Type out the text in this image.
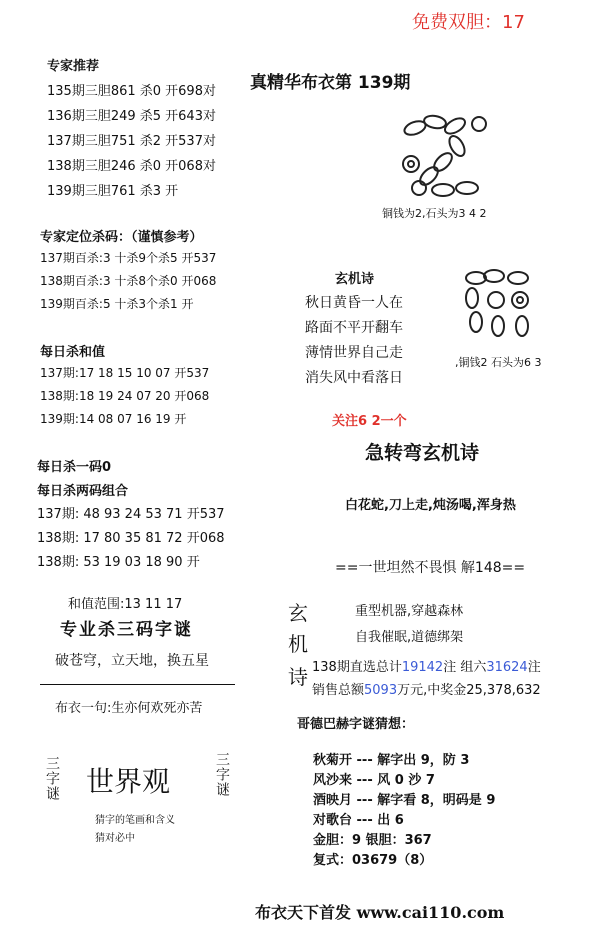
免费双胆：17
专家推荐
135期三胆861 杀0 开698对
136期三胆249 杀5 开643对
137期三胆751 杀2 开537对
138期三胆246 杀0 开068对
139期三胆761 杀3 开
专家定位杀码：（谨慎参考）
137期百杀:3 十杀9个杀5 开537
138期百杀:3 十杀8个杀0 开068
139期百杀:5 十杀3个杀1 开
每日杀和值
137期:17 18 15 10 07 开537
138期:18 19 24 07 20 开068
139期:14 08 07 16 19 开
每日杀一码0
每日杀两码组合
137期: 48 93 24 53 71 开537
138期: 17 80 35 81 72 开068
138期: 53 19 03 18 90 开
和值范围:13 11 17
专业杀三码字谜
破苍穹，立天地，换五星
布衣一句:生亦何欢死亦苦
三字谜 世界观	三字谜
猜字的笔画和含义
猜对必中
真精华布衣第 139期
铜钱为2,石头为3 4 2
玄机诗
秋日黄昏一人在
路面不平开翻车
薄情世界自己走
消失风中看落日
,铜钱2 石头为6 3
关注6 2一个
急转弯玄机诗
白花蛇,刀上走,炖汤喝,浑身热
==一世坦然不畏惧 解148==
玄
机
诗
重型机器,穿越森林
自我催眠,道德绑架
138期直选总计19142注 组六31624注
销售总额5093万元,中奖金25,378,632
哥德巴赫字谜猜想：
秋菊开 --- 解字出 9，防 3
风沙来 --- 风 0 沙 7
酒映月 --- 解字看 8，明码是 9
对歌台 --- 出 6
金胆：9 银胆：367
复式：03679（8）
布衣天下首发 www.cai110.com
